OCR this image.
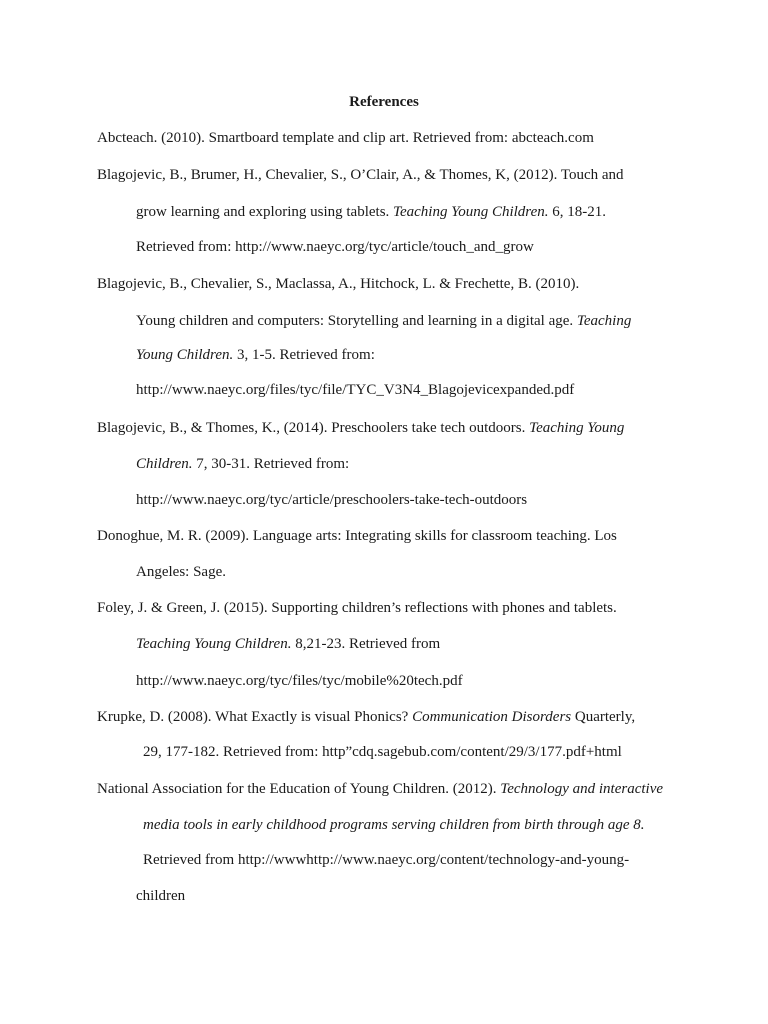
References
Abcteach. (2010). Smartboard template and clip art. Retrieved from: abcteach.com
Blagojevic, B., Brumer, H., Chevalier, S., O’Clair, A., & Thomes, K, (2012). Touch and
grow learning and exploring using tablets. Teaching Young Children. 6, 18-21.
Retrieved from: http://www.naeyc.org/tyc/article/touch_and_grow
Blagojevic, B., Chevalier, S., Maclassa, A., Hitchock, L. & Frechette, B. (2010).
Young children and computers: Storytelling and learning in a digital age. Teaching
Young Children. 3, 1-5. Retrieved from:
http://www.naeyc.org/files/tyc/file/TYC_V3N4_Blagojevicexpanded.pdf
Blagojevic, B., & Thomes, K., (2014). Preschoolers take tech outdoors. Teaching Young
Children. 7, 30-31. Retrieved from:
http://www.naeyc.org/tyc/article/preschoolers-take-tech-outdoors
Donoghue, M. R. (2009). Language arts: Integrating skills for classroom teaching. Los
Angeles: Sage.
Foley, J. & Green, J. (2015). Supporting children’s reflections with phones and tablets.
Teaching Young Children. 8,21-23. Retrieved from
http://www.naeyc.org/tyc/files/tyc/mobile%20tech.pdf
Krupke, D. (2008). What Exactly is visual Phonics? Communication Disorders Quarterly,
29, 177-182. Retrieved from: http”cdq.sagebub.com/content/29/3/177.pdf+html
National Association for the Education of Young Children. (2012). Technology and interactive
media tools in early childhood programs serving children from birth through age 8.
Retrieved from http://wwwhttp://www.naeyc.org/content/technology-and-young-
children
